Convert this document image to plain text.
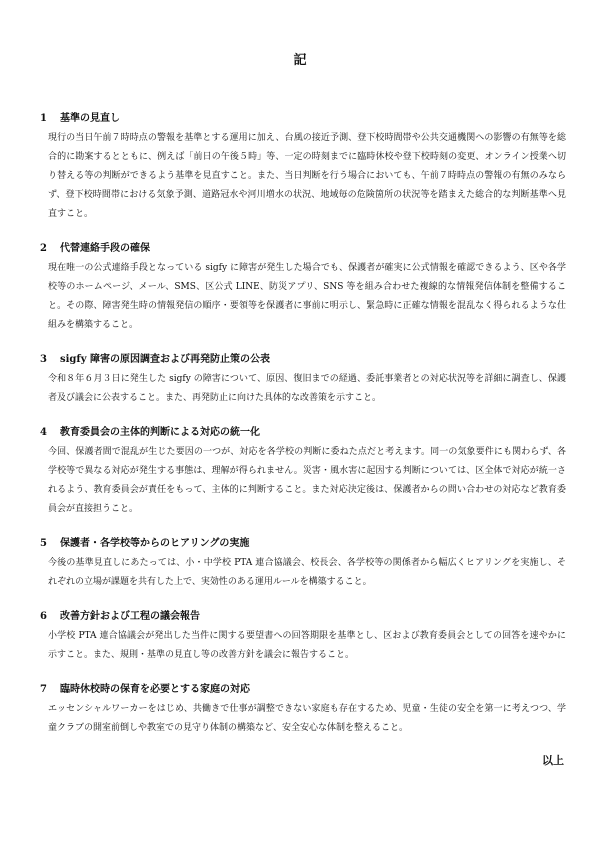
記
1 基準の見直し
現行の当日午前７時時点の警報を基準とする運用に加え、台風の接近予測、登下校時間帯や公共交通機関への影響の有無等を総合的に勘案するとともに、例えば「前日の午後５時」等、一定の時刻までに臨時休校や登下校時刻の変更、オンライン授業へ切り替える等の判断ができるよう基準を見直すこと。また、当日判断を行う場合においても、午前７時時点の警報の有無のみならず、登下校時間帯における気象予測、道路冠水や河川増水の状況、地域毎の危険箇所の状況等を踏まえた総合的な判断基準へ見直すこと。
2 代替連絡手段の確保
現在唯一の公式連絡手段となっている sigfy に障害が発生した場合でも、保護者が確実に公式情報を確認できるよう、区や各学校等のホームページ、メール、SMS、区公式 LINE、防災アプリ、SNS 等を組み合わせた複線的な情報発信体制を整備すること。その際、障害発生時の情報発信の順序・要領等を保護者に事前に明示し、緊急時に正確な情報を混乱なく得られるような仕組みを構築すること。
3 sigfy 障害の原因調査および再発防止策の公表
令和８年６月３日に発生した sigfy の障害について、原因、復旧までの経過、委託事業者との対応状況等を詳細に調査し、保護者及び議会に公表すること。また、再発防止に向けた具体的な改善策を示すこと。
4 教育委員会の主体的判断による対応の統一化
今回、保護者間で混乱が生じた要因の一つが、対応を各学校の判断に委ねた点だと考えます。同一の気象要件にも関わらず、各学校等で異なる対応が発生する事態は、理解が得られません。災害・風水害に起因する判断については、区全体で対応が統一されるよう、教育委員会が責任をもって、主体的に判断すること。また対応決定後は、保護者からの問い合わせの対応など教育委員会が直接担うこと。
5 保護者・各学校等からのヒアリングの実施
今後の基準見直しにあたっては、小・中学校 PTA 連合協議会、校長会、各学校等の関係者から幅広くヒアリングを実施し、それぞれの立場が課題を共有した上で、実効性のある運用ルールを構築すること。
6 改善方針および工程の議会報告
小学校 PTA 連合協議会が発出した当件に関する要望書への回答期限を基準とし、区および教育委員会としての回答を速やかに示すこと。また、規則・基準の見直し等の改善方針を議会に報告すること。
7 臨時休校時の保育を必要とする家庭の対応
エッセンシャルワーカーをはじめ、共働きで仕事が調整できない家庭も存在するため、児童・生徒の安全を第一に考えつつ、学童クラブの開室前倒しや教室での見守り体制の構築など、安全安心な体制を整えること。
以上
